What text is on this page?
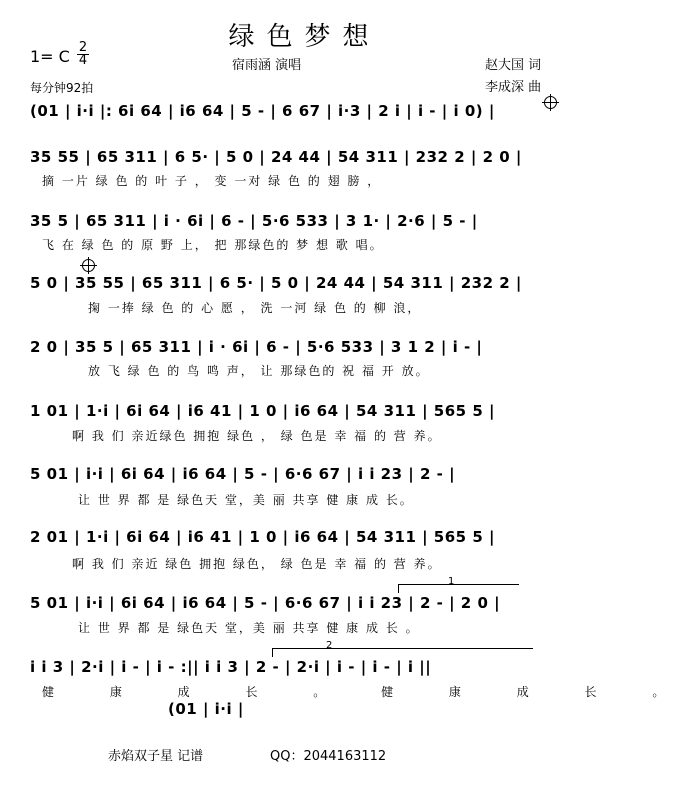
绿色梦想
1= C 2
4
每分钟92拍
宿雨涵 演唱	赵大国 词
李成深 曲
(01 | i·i |: 6i 64 | i6 64 | 5 - | 6 67 | i·3 | 2 i | i - | i 0) |
35 55 | 65 311 | 6 5· | 5 0 | 24 44 | 54 311 | 232 2 | 2 0 |
摘 一片 绿 色 的 叶 子 ， 变 一对 绿 色 的 翅 膀 ，
35 5 | 65 311 | i · 6i | 6 - | 5·6 533 | 3 1· | 2·6 | 5 - |
飞 在 绿 色 的 原 野 上， 把 那绿色的 梦 想 歌 唱。
5 0 | 35 55 | 65 311 | 6 5· | 5 0 | 24 44 | 54 311 | 232 2 |
掬 一捧 绿 色 的 心 愿 ， 洗 一河 绿 色 的 柳 浪，
2 0 | 35 5 | 65 311 | i · 6i | 6 - | 5·6 533 | 3 1 2 | i - |
放 飞 绿 色 的 鸟 鸣 声， 让 那绿色的 祝 福 开 放。
1 01 | 1·i | 6i 64 | i6 41 | 1 0 | i6 64 | 54 311 | 565 5 |
啊 我 们 亲近绿色 拥抱 绿色 ， 绿 色是 幸 福 的 营 养。
5 01 | i·i | 6i 64 | i6 64 | 5 - | 6·6 67 | i i 23 | 2 - |
让 世 界 都 是 绿色天 堂，美 丽 共享 健 康 成 长。
2 01 | 1·i | 6i 64 | i6 41 | 1 0 | i6 64 | 54 311 | 565 5 |
啊 我 们 亲近 绿色 拥抱 绿色， 绿 色是 幸 福 的 营 养。
1
5 01 | i·i | 6i 64 | i6 64 | 5 - | 6·6 67 | i i 23 | 2 - | 2 0 |
让 世 界 都 是 绿色天 堂，美 丽 共享 健 康 成 长 。
2
i i 3 | 2·i | i - | i - :|| i i 3 | 2 - | 2·i | i - | i - | i ||
健 康 成 长 。 健 康 成 长 。
(01 | i·i |
赤焰双子星 记谱	QQ：2044163112
